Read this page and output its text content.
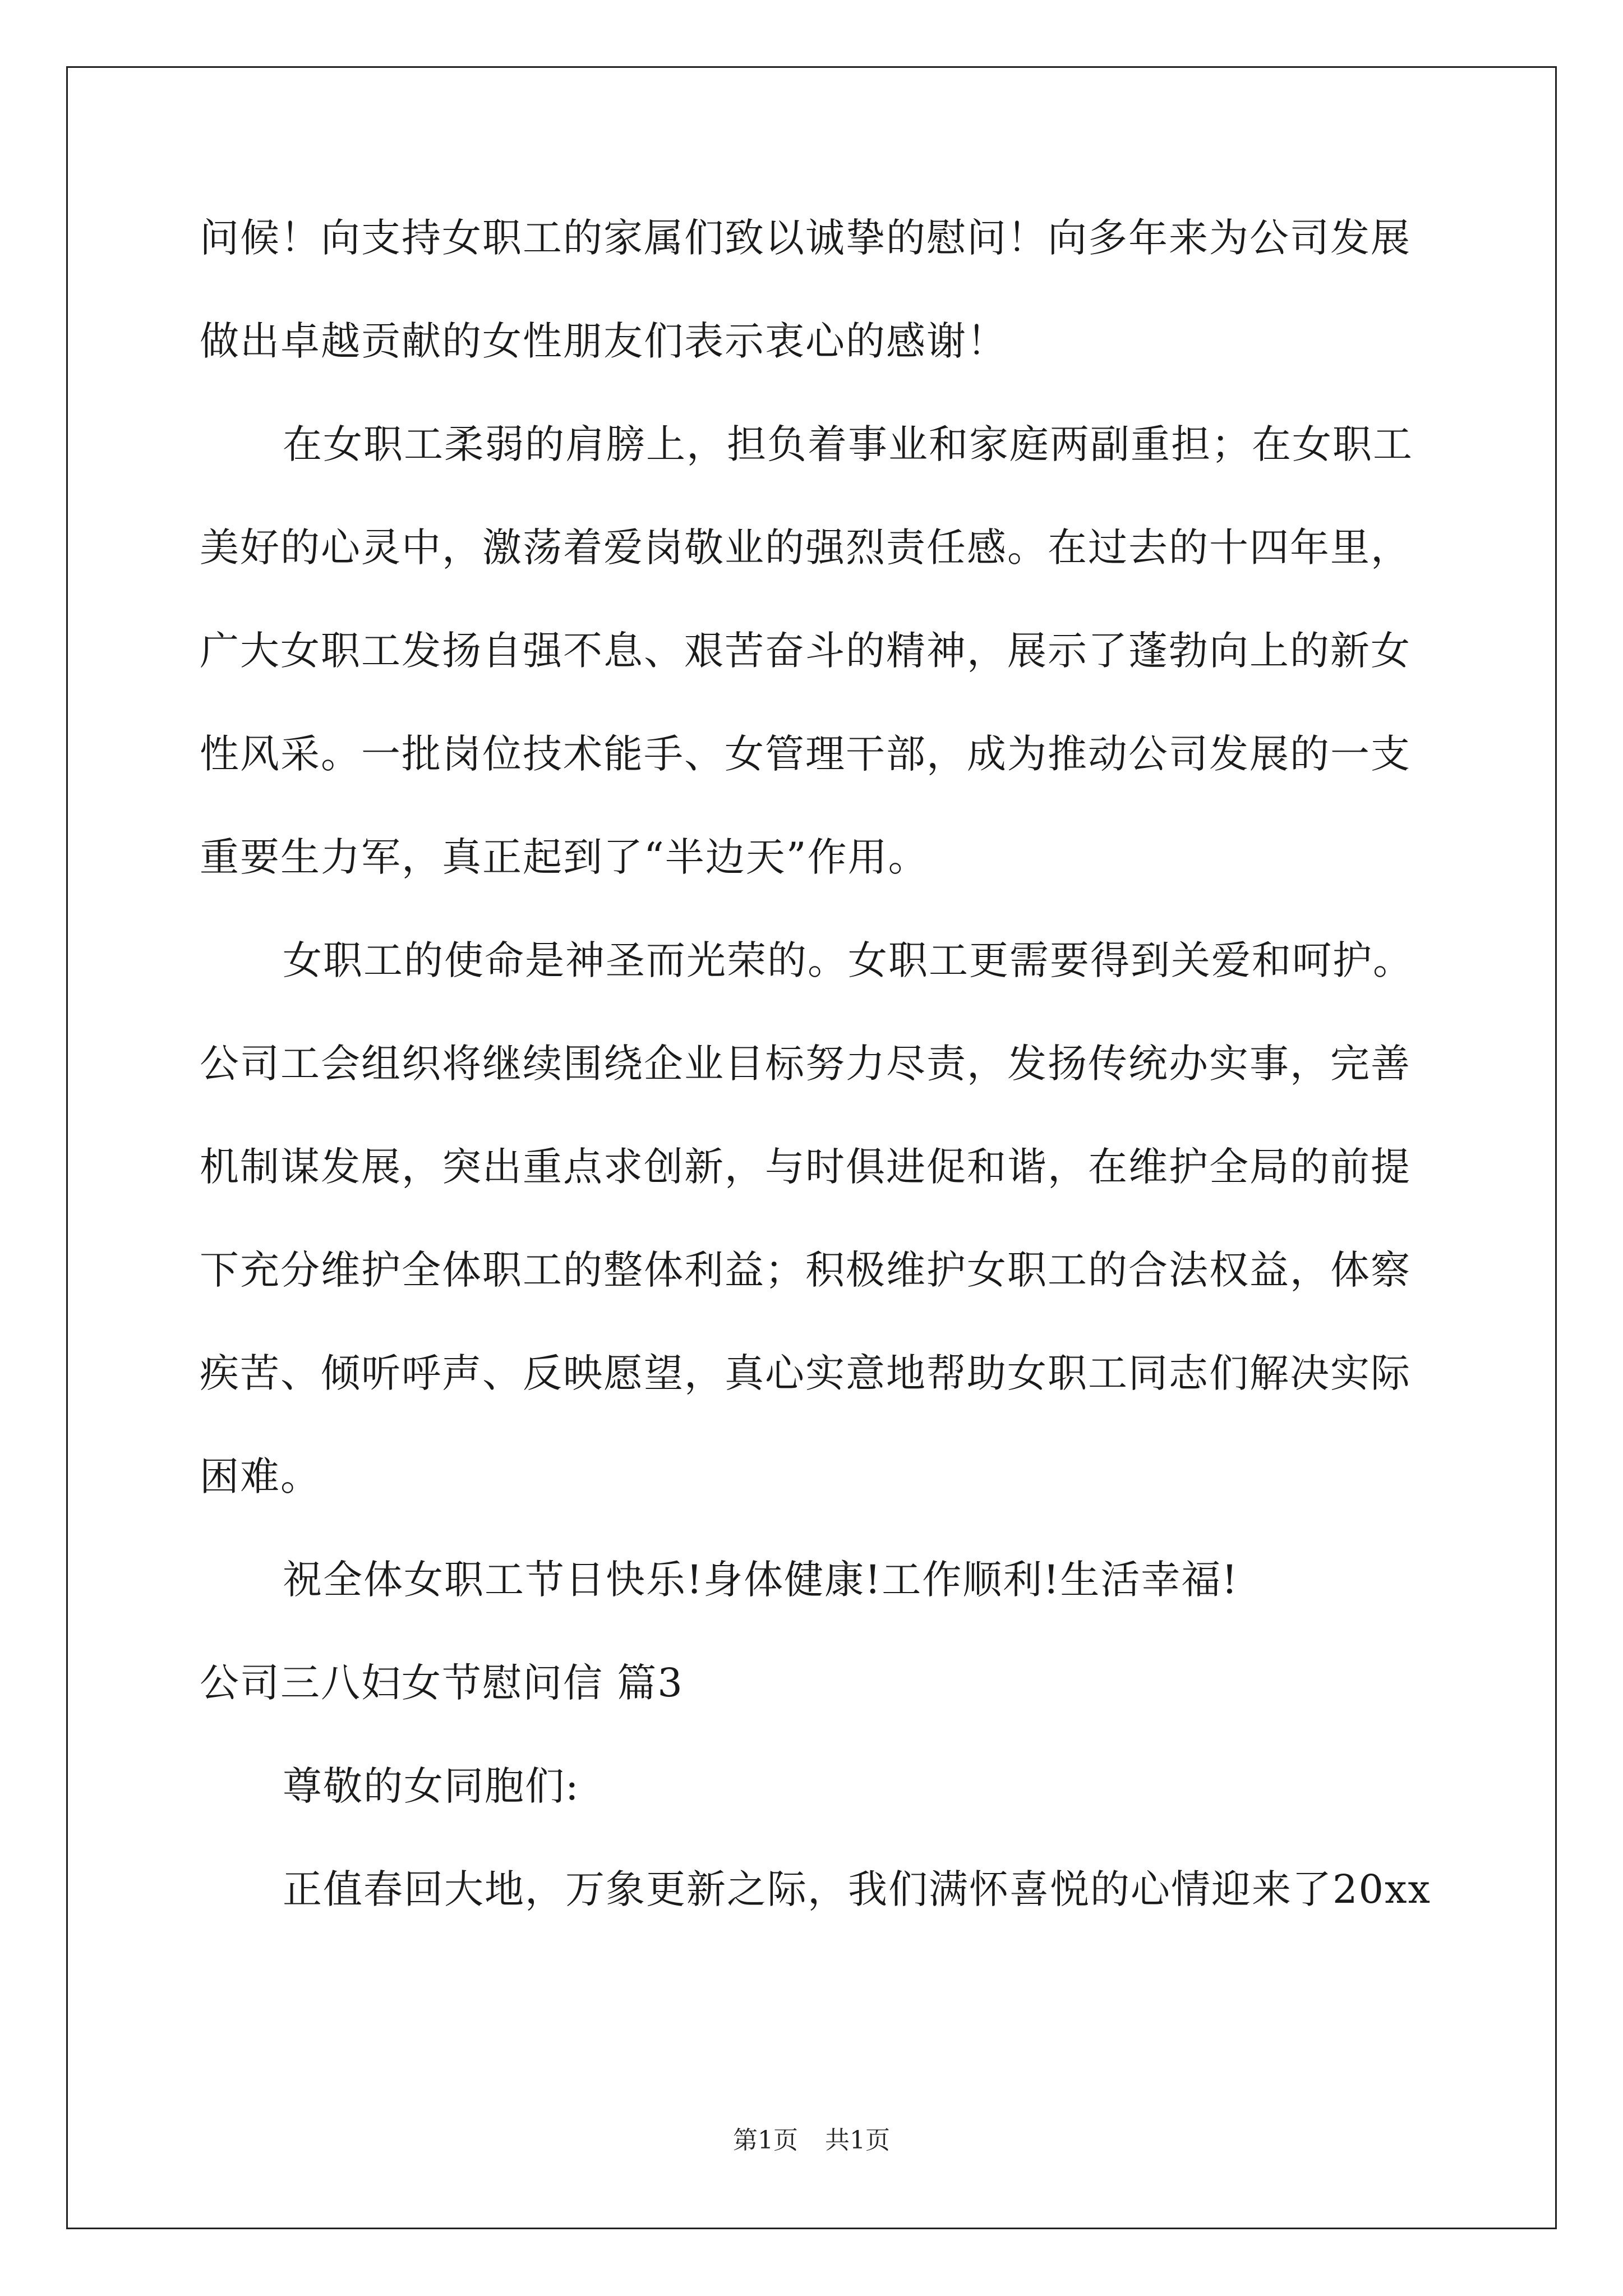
问候！向支持女职工的家属们致以诚挚的慰问！向多年来为公司发展
做出卓越贡献的女性朋友们表示衷心的感谢！
在女职工柔弱的肩膀上，担负着事业和家庭两副重担；在女职工
美好的心灵中，激荡着爱岗敬业的强烈责任感。在过去的十四年里，
广大女职工发扬自强不息、艰苦奋斗的精神，展示了蓬勃向上的新女
性风采。一批岗位技术能手、女管理干部，成为推动公司发展的一支
重要生力军，真正起到了“半边天”作用。
女职工的使命是神圣而光荣的。女职工更需要得到关爱和呵护。
公司工会组织将继续围绕企业目标努力尽责，发扬传统办实事，完善
机制谋发展，突出重点求创新，与时俱进促和谐，在维护全局的前提
下充分维护全体职工的整体利益；积极维护女职工的合法权益，体察
疾苦、倾听呼声、反映愿望，真心实意地帮助女职工同志们解决实际
困难。
祝全体女职工节日快乐!身体健康!工作顺利!生活幸福!
公司三八妇女节慰问信 篇3
尊敬的女同胞们:
正值春回大地，万象更新之际，我们满怀喜悦的心情迎来了20xx
第1页 共1页
